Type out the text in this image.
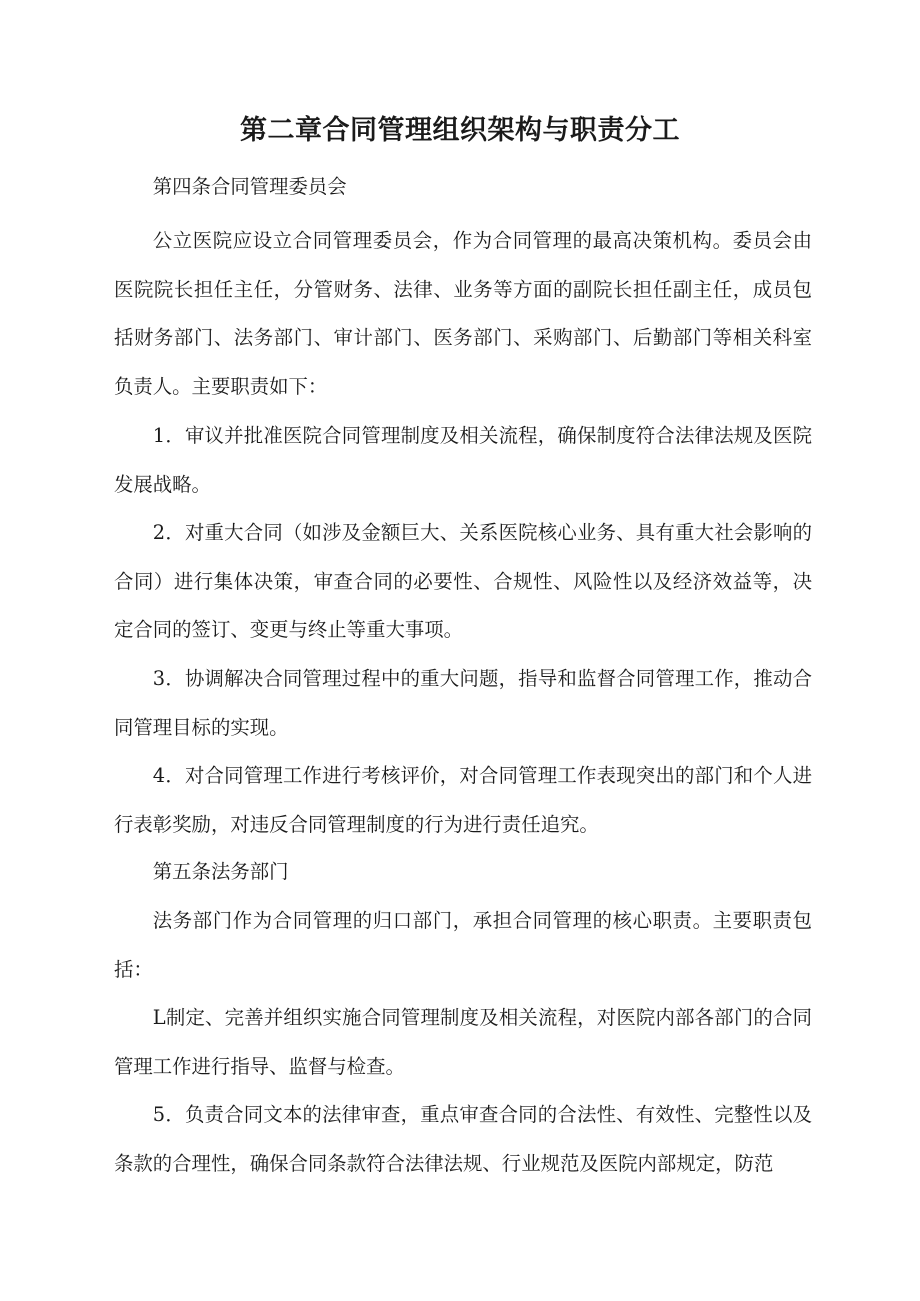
第二章合同管理组织架构与职责分工
第四条合同管理委员会
公立医院应设立合同管理委员会，作为合同管理的最高决策机构。委员会由医院院长担任主任，分管财务、法律、业务等方面的副院长担任副主任，成员包括财务部门、法务部门、审计部门、医务部门、采购部门、后勤部门等相关科室负责人。主要职责如下：
1．审议并批准医院合同管理制度及相关流程，确保制度符合法律法规及医院发展战略。
2．对重大合同（如涉及金额巨大、关系医院核心业务、具有重大社会影响的合同）进行集体决策，审查合同的必要性、合规性、风险性以及经济效益等，决定合同的签订、变更与终止等重大事项。
3．协调解决合同管理过程中的重大问题，指导和监督合同管理工作，推动合同管理目标的实现。
4．对合同管理工作进行考核评价，对合同管理工作表现突出的部门和个人进行表彰奖励，对违反合同管理制度的行为进行责任追究。
第五条法务部门
法务部门作为合同管理的归口部门，承担合同管理的核心职责。主要职责包括：
L制定、完善并组织实施合同管理制度及相关流程，对医院内部各部门的合同管理工作进行指导、监督与检查。
5．负责合同文本的法律审查，重点审查合同的合法性、有效性、完整性以及条款的合理性，确保合同条款符合法律法规、行业规范及医院内部规定，防范
